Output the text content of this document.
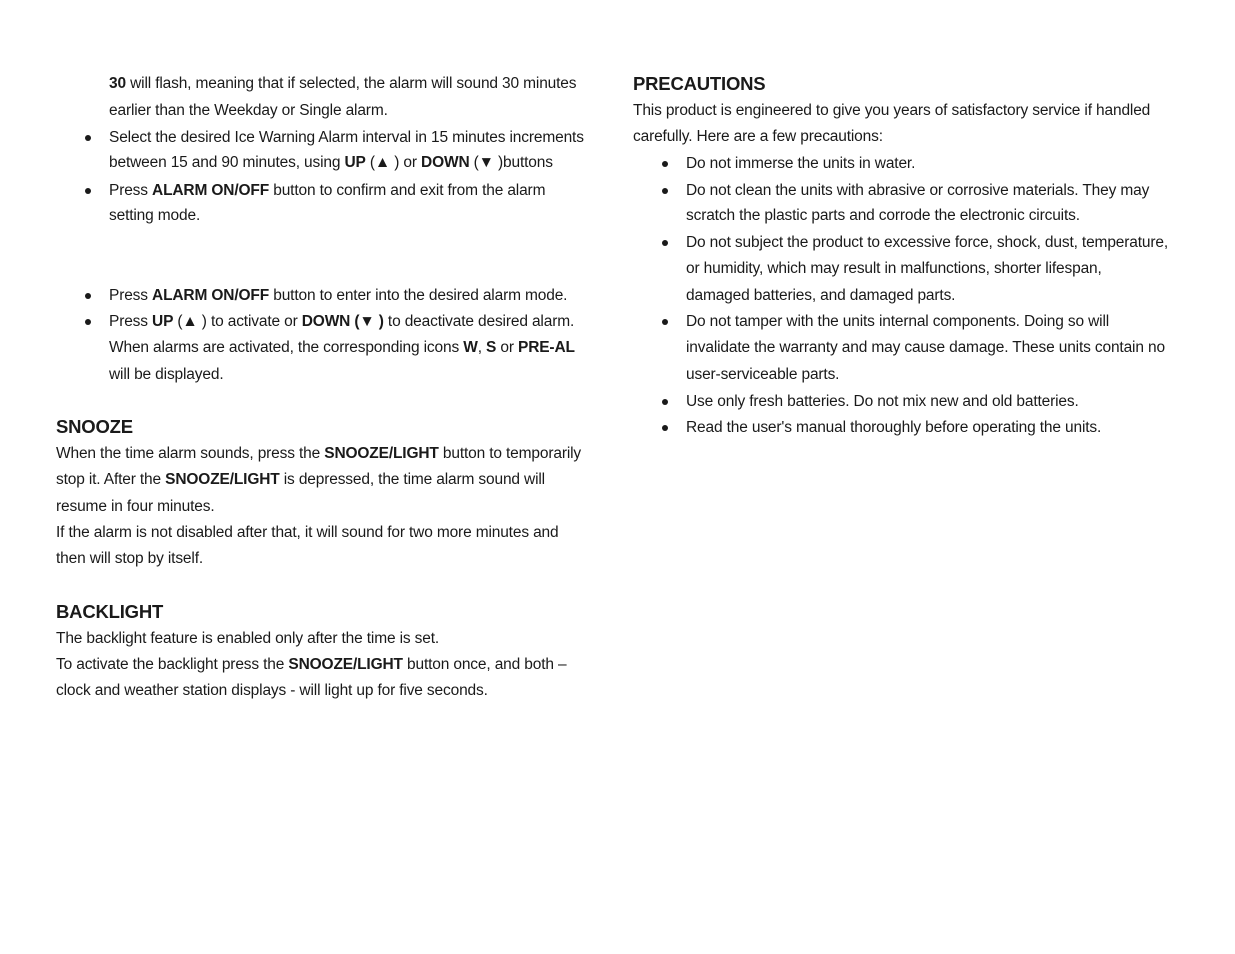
30 will flash, meaning that if selected, the alarm will sound 30 minutes
earlier than the Weekday or Single alarm.
Select the desired Ice Warning Alarm interval in 15 minutes increments
between 15 and 90 minutes, using UP (▲ ) or DOWN (▼ )buttons
Press ALARM ON/OFF button to confirm and exit from the alarm
setting mode.
Press ALARM ON/OFF button to enter into the desired alarm mode.
Press UP (▲ ) to activate or DOWN (▼ ) to deactivate desired alarm.
When alarms are activated, the corresponding icons W, S or PRE-AL
will be displayed.
SNOOZE
When the time alarm sounds, press the SNOOZE/LIGHT button to temporarily
stop it. After the SNOOZE/LIGHT is depressed, the time alarm sound will
resume in four minutes.
If the alarm is not disabled after that, it will sound for two more minutes and
then will stop by itself.
BACKLIGHT
The backlight feature is enabled only after the time is set.
To activate the backlight press the SNOOZE/LIGHT button once, and both –
clock and weather station displays - will light up for five seconds.
PRECAUTIONS
This product is engineered to give you years of satisfactory service if handled
carefully. Here are a few precautions:
Do not immerse the units in water.
Do not clean the units with abrasive or corrosive materials. They may
scratch the plastic parts and corrode the electronic circuits.
Do not subject the product to excessive force, shock, dust, temperature,
or humidity, which may result in malfunctions, shorter lifespan,
damaged batteries, and damaged parts.
Do not tamper with the units internal components. Doing so will
invalidate the warranty and may cause damage. These units contain no
user-serviceable parts.
Use only fresh batteries. Do not mix new and old batteries.
Read the user's manual thoroughly before operating the units.
